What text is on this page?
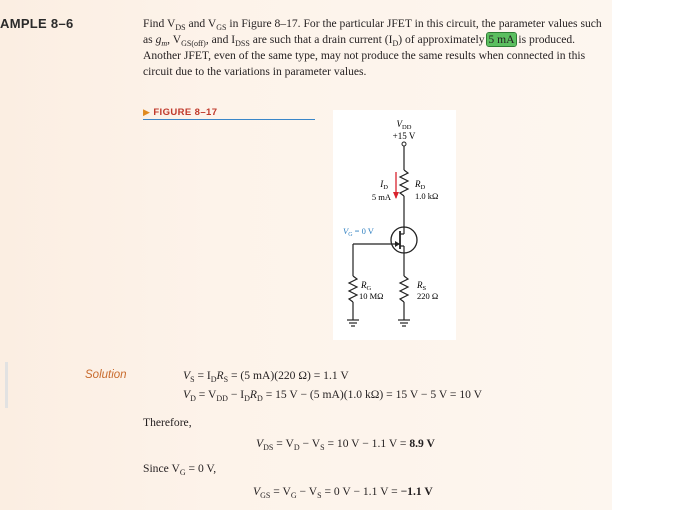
AMPLE 8–6	Find $V_{DS}$ and $V_{GS}$ in Figure 8–17. For the particular JFET in this circuit, the parameter values such as $g_m$, $V_{GS(off)}$, and $I_{DSS}$ are such that a drain current $(I_D)$ of approximately 5 mA is produced. Another JFET, even of the same type, may not produce the same results when connected in this circuit due to the variations in parameter values.
▶ FIGURE 8–17
$V_{DD}$
+15 V
$I_D$
5 mA
$R_D$
1.0 kΩ
$V_G = 0$ V
$R_G$
10 MΩ
$R_S$
220 Ω
Solution	$V_S = I_DR_S = (5$ mA)(220 Ω) = 1.1 V
$V_D = V_{DD} - I_DR_D = 15$ V − (5 mA)(1.0 kΩ) = 15 V − 5 V = 10 V
Therefore,
$V_{DS} = V_D - V_S = 10$ V − 1.1 V = 8.9 V
Since $V_G = 0$ V,
$V_{GS} = V_G - V_S = 0$ V − 1.1 V = −1.1 V
